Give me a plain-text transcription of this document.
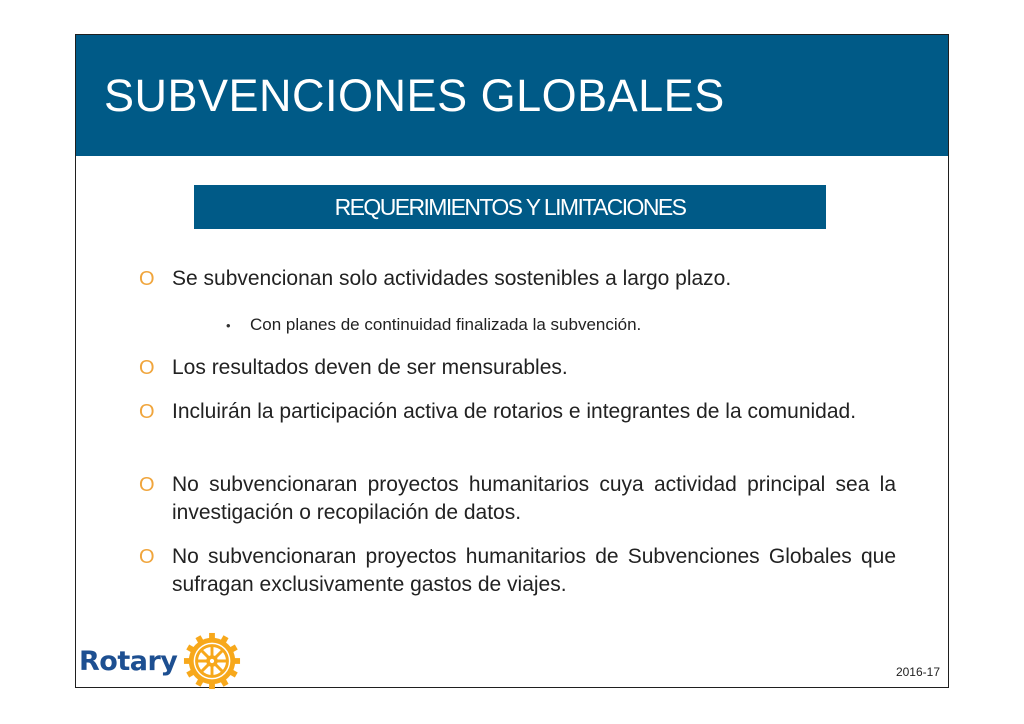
SUBVENCIONES GLOBALES
REQUERIMIENTOS Y LIMITACIONES
O Se subvencionan solo actividades sostenibles a largo plazo.
• Con planes de continuidad finalizada la subvención.
O Los resultados deven de ser mensurables.
O Incluirán la participación activa de rotarios e integrantes de la comunidad.
O No subvencionaran proyectos humanitarios cuya actividad principal sea la investigación o recopilación de datos.
O No subvencionaran proyectos humanitarios de Subvenciones Globales que sufragan exclusivamente gastos de viajes.
Rotary	2016-17
